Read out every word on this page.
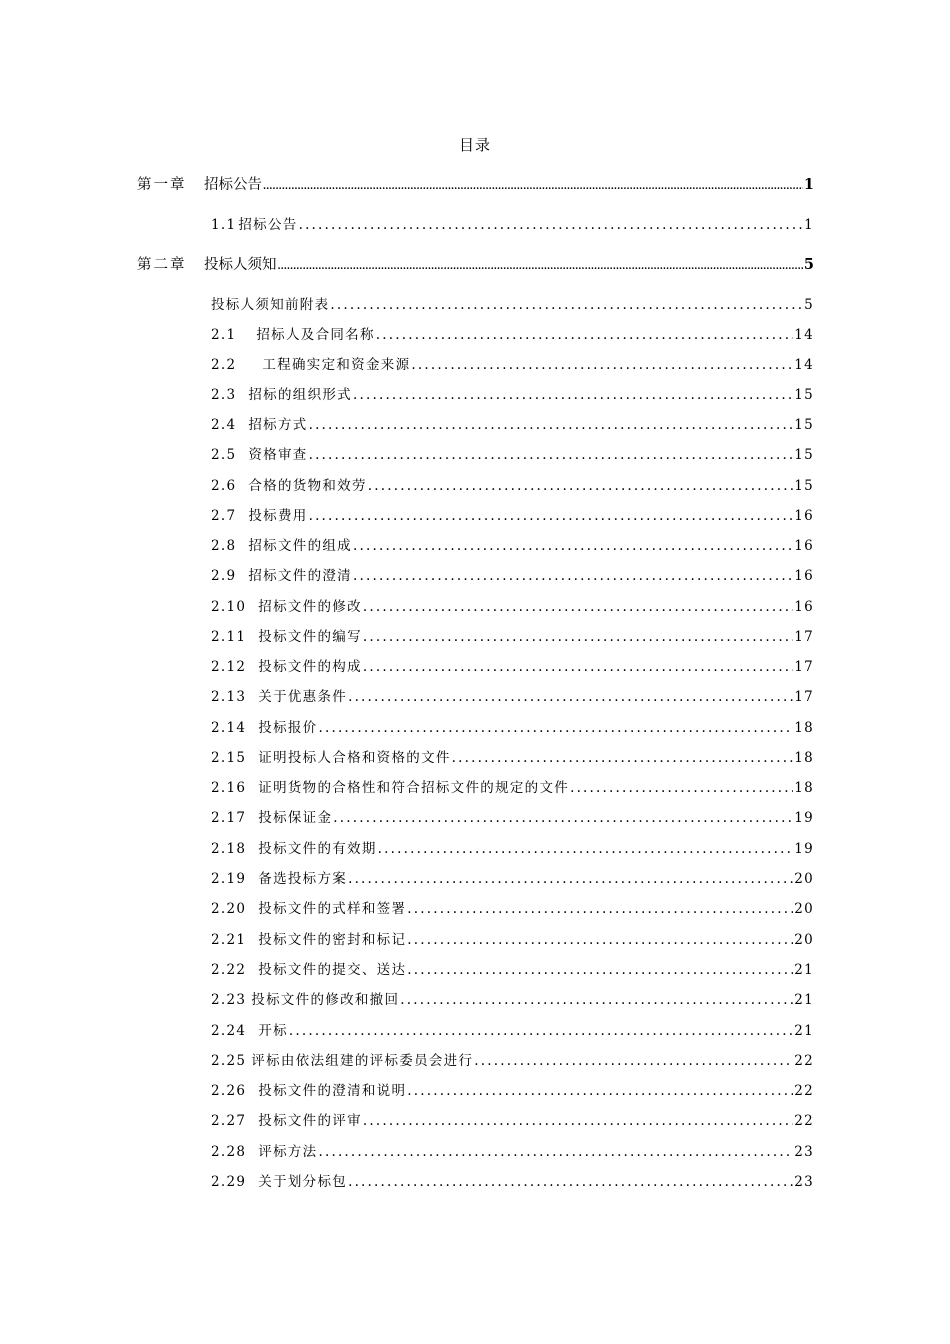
目录
第一章 招标公告 .....	1
1.1 招标公告 .....	1
第二章 投标人须知 .....	5
投标人须知前附表 .....	5
2.1 招标人及合同名称 .....	14
2.2 工程确实定和资金来源 .....	14
2.3 招标的组织形式 .....	15
2.4 招标方式 .....	15
2.5 资格审查 .....	15
2.6 合格的货物和效劳 .....	15
2.7 投标费用 .....	16
2.8 招标文件的组成 .....	16
2.9 招标文件的澄清 .....	16
2.10 招标文件的修改 .....	16
2.11 投标文件的编写 .....	17
2.12 投标文件的构成 .....	17
2.13 关于优惠条件 .....	17
2.14 投标报价 .....	18
2.15 证明投标人合格和资格的文件 .....	18
2.16 证明货物的合格性和符合招标文件的规定的文件 .....	18
2.17 投标保证金 .....	19
2.18 投标文件的有效期 .....	19
2.19 备选投标方案 .....	20
2.20 投标文件的式样和签署 .....	20
2.21 投标文件的密封和标记 .....	20
2.22 投标文件的提交、送达 .....	21
2.23 投标文件的修改和撤回 .....	21
2.24 开标 .....	21
2.25 评标由依法组建的评标委员会进行 .....	22
2.26 投标文件的澄清和说明 .....	22
2.27 投标文件的评审 .....	22
2.28 评标方法 .....	23
2.29 关于划分标包 .....	23
